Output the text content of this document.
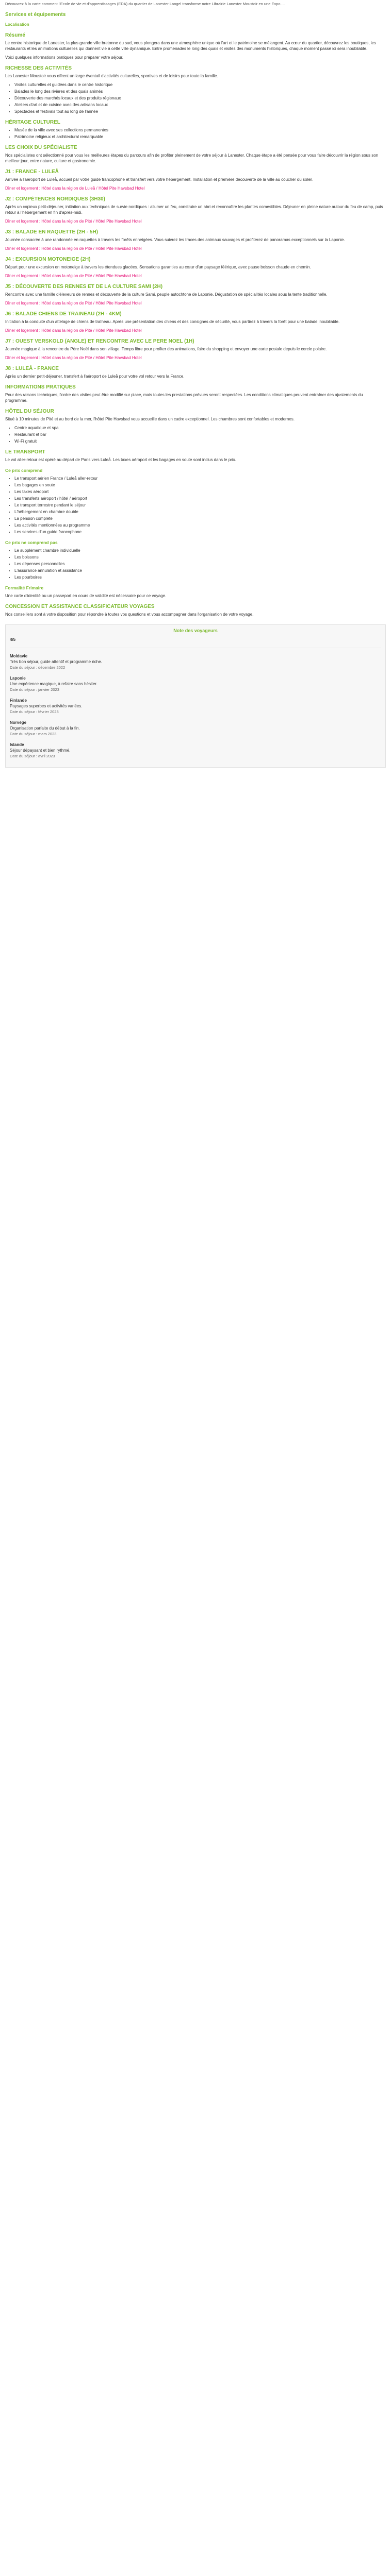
Découvrez à la carte comment l'Ecole de vie et d'apprentissages (EDA) du quartier de Lanester Langel transforme notre Librairie Lanester Moustoir en une Expo ...

Services et équipements
Localisation
Résumé

Le centre historique de Lanester, la plus grande ville bretonne du sud, vous plongera dans une atmosphère unique où l'art et le patrimoine se mélangent. Au cœur du quartier, découvrez les boutiques, les restaurants et les animations culturelles qui donnent vie à cette ville dynamique. Entre promenades le long des quais et visites des monuments historiques, chaque moment passé ici sera inoubliable.

Voici quelques informations pratiques pour préparer votre séjour.

RICHESSE DES ACTIVITÉS

Les Lanester Moustoir vous offrent un large éventail d'activités culturelles, sportives et de loisirs pour toute la famille.

• Visites culturelles et guidées dans le centre historique
• Balades le long des rivières et des quais animés
• Découverte des marchés locaux et des produits régionaux
• Ateliers d'art et de cuisine avec des artisans locaux
• Spectacles et festivals tout au long de l'année
HÉRITAGE CULTUREL
• Musée de la ville avec ses collections permanentes
• Patrimoine religieux et architectural remarquable
LES CHOIX DU SPÉCIALISTE

Nos spécialistes ont sélectionné pour vous les meilleures étapes du parcours afin de profiter pleinement de votre séjour à Lanester. Chaque étape a été pensée pour vous faire découvrir la région sous son meilleur jour, entre nature, culture et gastronomie.

J1 : FRANCE - LULEÅ

Arrivée à l'aéroport de Luleå, accueil par votre guide francophone et transfert vers votre hébergement. Installation et première découverte de la ville au coucher du soleil.

Dîner et logement : Hôtel dans la région de Luleå / Hôtel Pite Havsbad Hotel

J2 : COMPÉTENCES NORDIQUES (3H30)

Après un copieux petit-déjeuner, initiation aux techniques de survie nordiques : allumer un feu, construire un abri et reconnaître les plantes comestibles. Déjeuner en pleine nature autour du feu de camp, puis retour à l'hébergement en fin d'après-midi.

Dîner et logement : Hôtel dans la région de Pité / Hôtel Pite Havsbad Hotel

J3 : BALADE EN RAQUETTE (2H - 5H)

Journée consacrée à une randonnée en raquettes à travers les forêts enneigées. Vous suivrez les traces des animaux sauvages et profiterez de panoramas exceptionnels sur la Laponie.

Dîner et logement : Hôtel dans la région de Pité / Hôtel Pite Havsbad Hotel

J4 : EXCURSION MOTONEIGE (2H)

Départ pour une excursion en motoneige à travers les étendues glacées. Sensations garanties au cœur d'un paysage féérique, avec pause boisson chaude en chemin.

Dîner et logement : Hôtel dans la région de Pité / Hôtel Pite Havsbad Hotel

J5 : DÉCOUVERTE DES RENNES ET DE LA CULTURE SAMI (2H)

Rencontre avec une famille d'éleveurs de rennes et découverte de la culture Sami, peuple autochtone de Laponie. Dégustation de spécialités locales sous la tente traditionnelle.

Dîner et logement : Hôtel dans la région de Pité / Hôtel Pite Havsbad Hotel

J6 : BALADE CHIENS DE TRAINEAU (2H - 4KM)

Initiation à la conduite d'un attelage de chiens de traîneau. Après une présentation des chiens et des consignes de sécurité, vous partirez à travers la forêt pour une balade inoubliable.

Dîner et logement : Hôtel dans la région de Pité / Hôtel Pite Havsbad Hotel

J7 : OUEST VERSKOLD (ANGLE) ET RENCONTRE AVEC LE PERE NOEL (1H)

Journée magique à la rencontre du Père Noël dans son village. Temps libre pour profiter des animations, faire du shopping et envoyer une carte postale depuis le cercle polaire.

Dîner et logement : Hôtel dans la région de Pité / Hôtel Pite Havsbad Hotel

J8 : LULEÅ - FRANCE

Après un dernier petit-déjeuner, transfert à l'aéroport de Luleå pour votre vol retour vers la France.

INFORMATIONS PRATIQUES

Pour des raisons techniques, l'ordre des visites peut être modifié sur place, mais toutes les prestations prévues seront respectées. Les conditions climatiques peuvent entraîner des ajustements du programme.

HÔTEL DU SÉJOUR

Situé à 10 minutes de Pité et au bord de la mer, l'hôtel Pite Havsbad vous accueille dans un cadre exceptionnel. Les chambres sont confortables et modernes.

• Centre aquatique et spa
• Restaurant et bar
• Wi-Fi gratuit
LE TRANSPORT

Le vol aller-retour est opéré au départ de Paris vers Luleå. Les taxes aéroport et les bagages en soute sont inclus dans le prix.

Ce prix comprend
• Le transport aérien France / Luleå aller-retour
• Les bagages en soute
• Les taxes aéroport
• Les transferts aéroport / hôtel / aéroport
• Le transport terrestre pendant le séjour
• L'hébergement en chambre double
• La pension complète
• Les activités mentionnées au programme
• Les services d'un guide francophone
Ce prix ne comprend pas
• Le supplément chambre individuelle
• Les boissons
• Les dépenses personnelles
• L'assurance annulation et assistance
• Les pourboires
Formalité Frimaire

Une carte d'identité ou un passeport en cours de validité est nécessaire pour ce voyage.

CONCESSION ET ASSISTANCE CLASSIFICATEUR VOYAGES

Nos conseillers sont à votre disposition pour répondre à toutes vos questions et vous accompagner dans l'organisation de votre voyage.

Note des voyageurs
4/5
Moldavie
Très bon séjour, guide attentif et programme riche.
Date du séjour : décembre 2022
Laponie
Une expérience magique, à refaire sans hésiter.
Date du séjour : janvier 2023
Finlande
Paysages superbes et activités variées.
Date du séjour : février 2023
Norvège
Organisation parfaite du début à la fin.
Date du séjour : mars 2023
Islande
Séjour dépaysant et bien rythmé.
Date du séjour : avril 2023
